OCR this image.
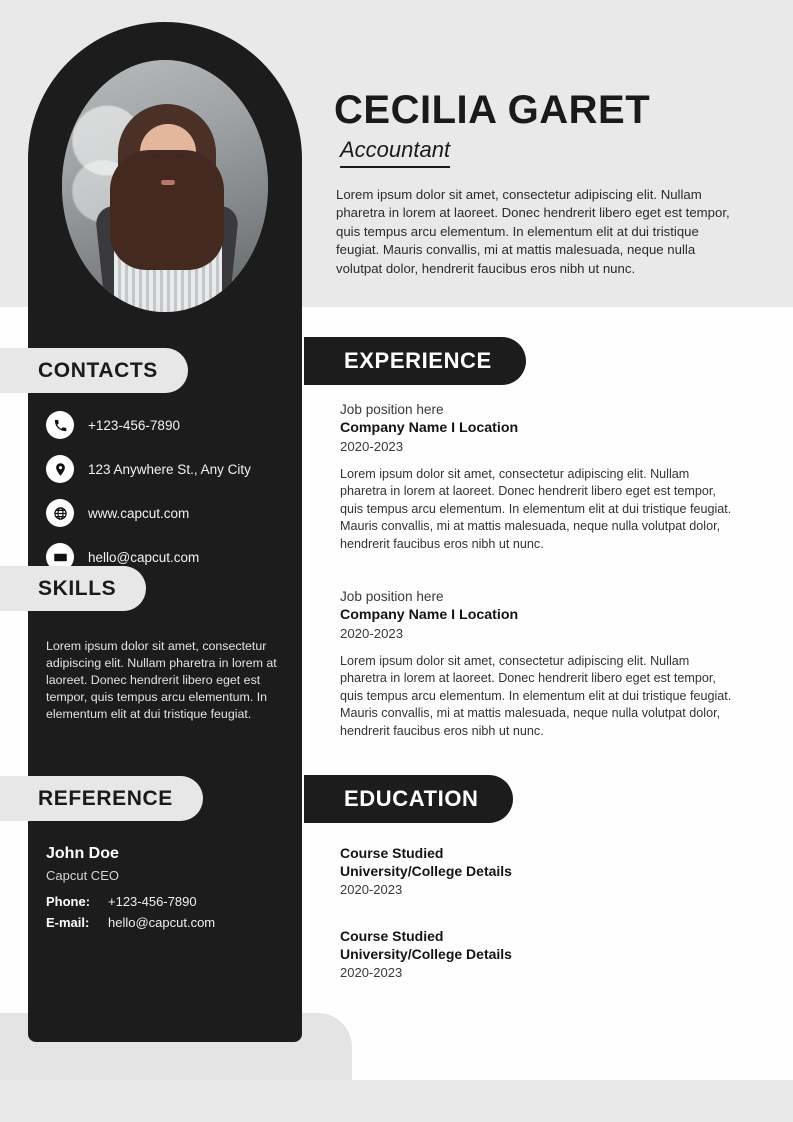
CECILIA GARET
Accountant
Lorem ipsum dolor sit amet, consectetur adipiscing elit. Nullam pharetra in lorem at laoreet. Donec hendrerit libero eget est tempor, quis tempus arcu elementum. In elementum elit at dui tristique feugiat. Mauris convallis, mi at mattis malesuada, neque nulla volutpat dolor, hendrerit faucibus eros nibh ut nunc.
CONTACTS
+123-456-7890
123 Anywhere St., Any City
www.capcut.com
hello@capcut.com
SKILLS
Lorem ipsum dolor sit amet, consectetur adipiscing elit. Nullam pharetra in lorem at laoreet. Donec hendrerit libero eget est tempor, quis tempus arcu elementum. In elementum elit at dui tristique feugiat.
REFERENCE
John Doe
Capcut CEO
Phone:	+123-456-7890
E-mail:	hello@capcut.com
EXPERIENCE
Job position here
Company Name I Location
2020-2023
Lorem ipsum dolor sit amet, consectetur adipiscing elit. Nullam pharetra in lorem at laoreet. Donec hendrerit libero eget est tempor, quis tempus arcu elementum. In elementum elit at dui tristique feugiat. Mauris convallis, mi at mattis malesuada, neque nulla volutpat dolor, hendrerit faucibus eros nibh ut nunc.
Job position here
Company Name I Location
2020-2023
Lorem ipsum dolor sit amet, consectetur adipiscing elit. Nullam pharetra in lorem at laoreet. Donec hendrerit libero eget est tempor, quis tempus arcu elementum. In elementum elit at dui tristique feugiat. Mauris convallis, mi at mattis malesuada, neque nulla volutpat dolor, hendrerit faucibus eros nibh ut nunc.
EDUCATION
Course Studied
University/College Details
2020-2023
Course Studied
University/College Details
2020-2023
